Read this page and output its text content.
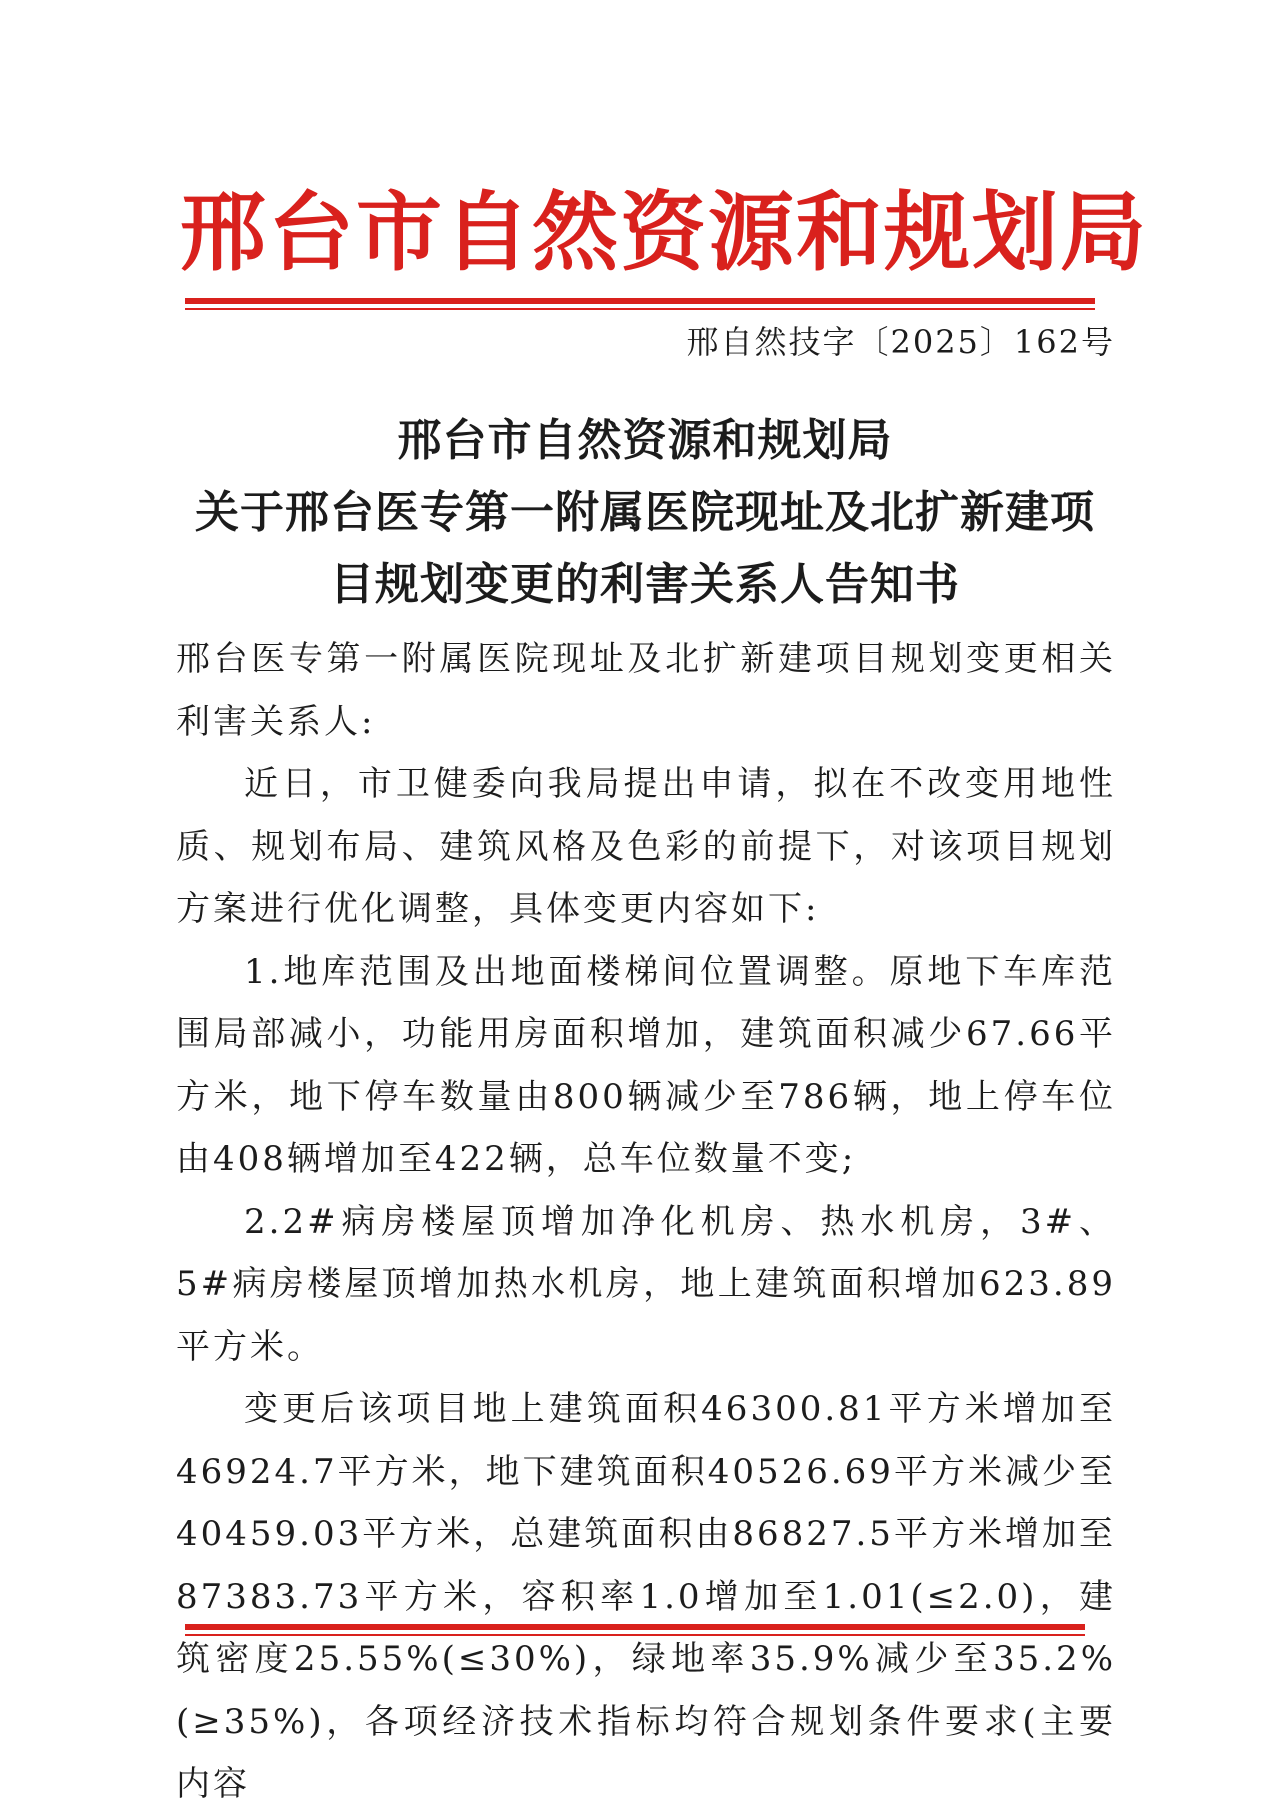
邢台市自然资源和规划局
邢自然技字〔2025〕162号
邢台市自然资源和规划局
关于邢台医专第一附属医院现址及北扩新建项
目规划变更的利害关系人告知书

邢台医专第一附属医院现址及北扩新建项目规划变更相关利害关系人:

近日，市卫健委向我局提出申请，拟在不改变用地性质、规划布局、建筑风格及色彩的前提下，对该项目规划方案进行优化调整，具体变更内容如下:

1.地库范围及出地面楼梯间位置调整。原地下车库范围局部减小，功能用房面积增加，建筑面积减少67.66平方米，地下停车数量由800辆减少至786辆，地上停车位由408辆增加至422辆，总车位数量不变;

2.2#病房楼屋顶增加净化机房、热水机房，3#、5#病房楼屋顶增加热水机房，地上建筑面积增加623.89平方米。

变更后该项目地上建筑面积46300.81平方米增加至46924.7平方米，地下建筑面积40526.69平方米减少至40459.03平方米，总建筑面积由86827.5平方米增加至87383.73平方米，容积率1.0增加至1.01(≤2.0)，建筑密度25.55%(≤30%)，绿地率35.9%减少至35.2%(≥35%)，各项经济技术指标均符合规划条件要求(主要内容
